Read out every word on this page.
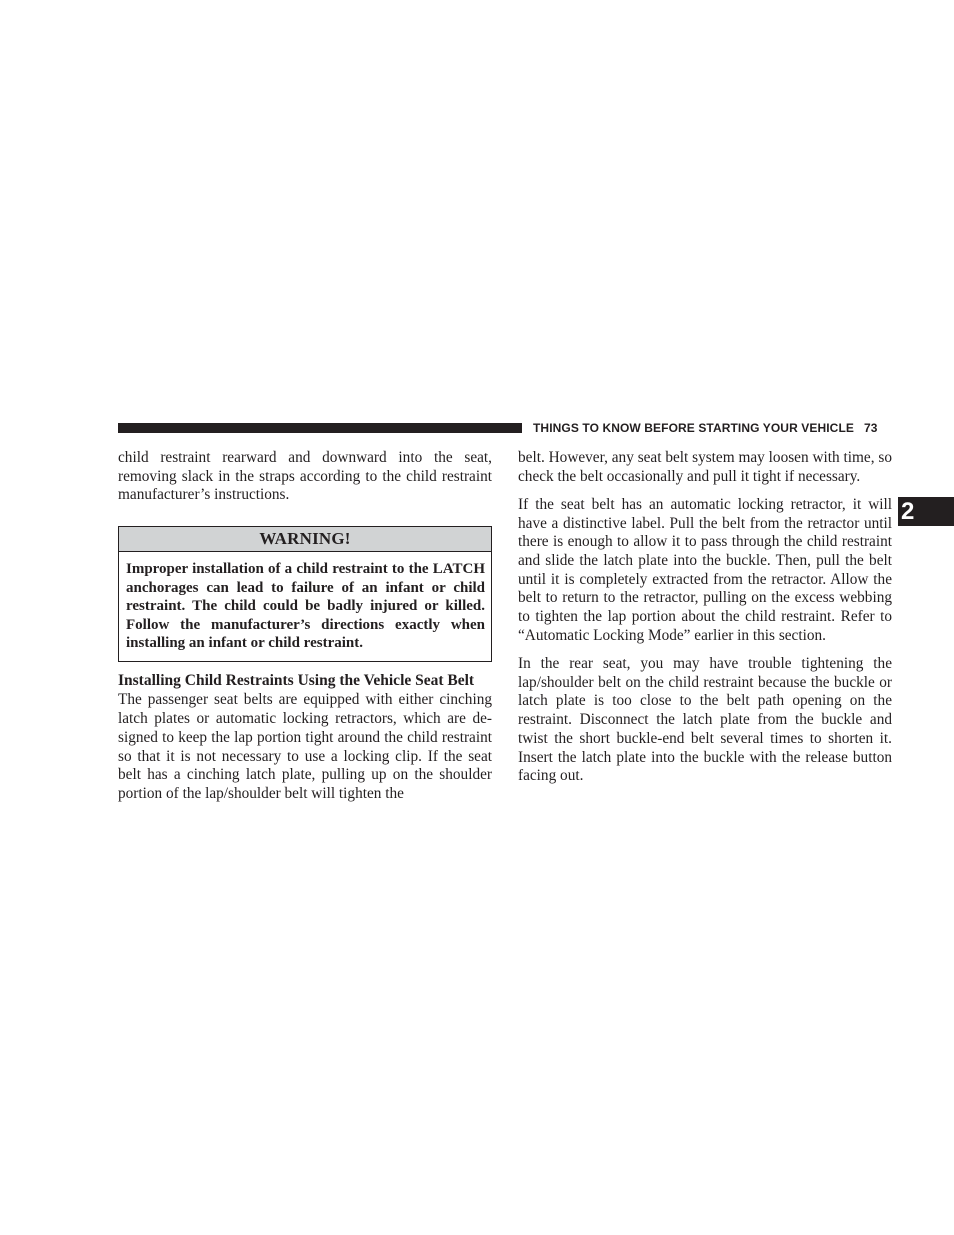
THINGS TO KNOW BEFORE STARTING YOUR VEHICLE 73
2

child restraint rearward and downward into the seat, removing slack in the straps according to the child restraint manufacturer’s instructions.

WARNING!
Improper installation of a child restraint to the LATCH anchorages can lead to failure of an infant or child restraint. The child could be badly injured or killed. Follow the manufacturer’s directions exactly when installing an infant or child restraint.

Installing Child Restraints Using the Vehicle Seat Belt

The passenger seat belts are equipped with either cinching latch plates or automatic locking retractors, which are designed to keep the lap portion tight around the child restraint so that it is not necessary to use a locking clip. If the seat belt has a cinching latch plate, pulling up on the shoulder portion of the lap/shoulder belt will tighten the

belt. However, any seat belt system may loosen with time, so check the belt occasionally and pull it tight if necessary.

If the seat belt has an automatic locking retractor, it will have a distinctive label. Pull the belt from the retractor until there is enough to allow it to pass through the child restraint and slide the latch plate into the buckle. Then, pull the belt until it is completely extracted from the retractor. Allow the belt to return to the retractor, pulling on the excess webbing to tighten the lap portion about the child restraint. Refer to “Automatic Locking Mode” earlier in this section.

In the rear seat, you may have trouble tightening the lap/shoulder belt on the child restraint because the buckle or latch plate is too close to the belt path opening on the restraint. Disconnect the latch plate from the buckle and twist the short buckle-end belt several times to shorten it. Insert the latch plate into the buckle with the release button facing out.
